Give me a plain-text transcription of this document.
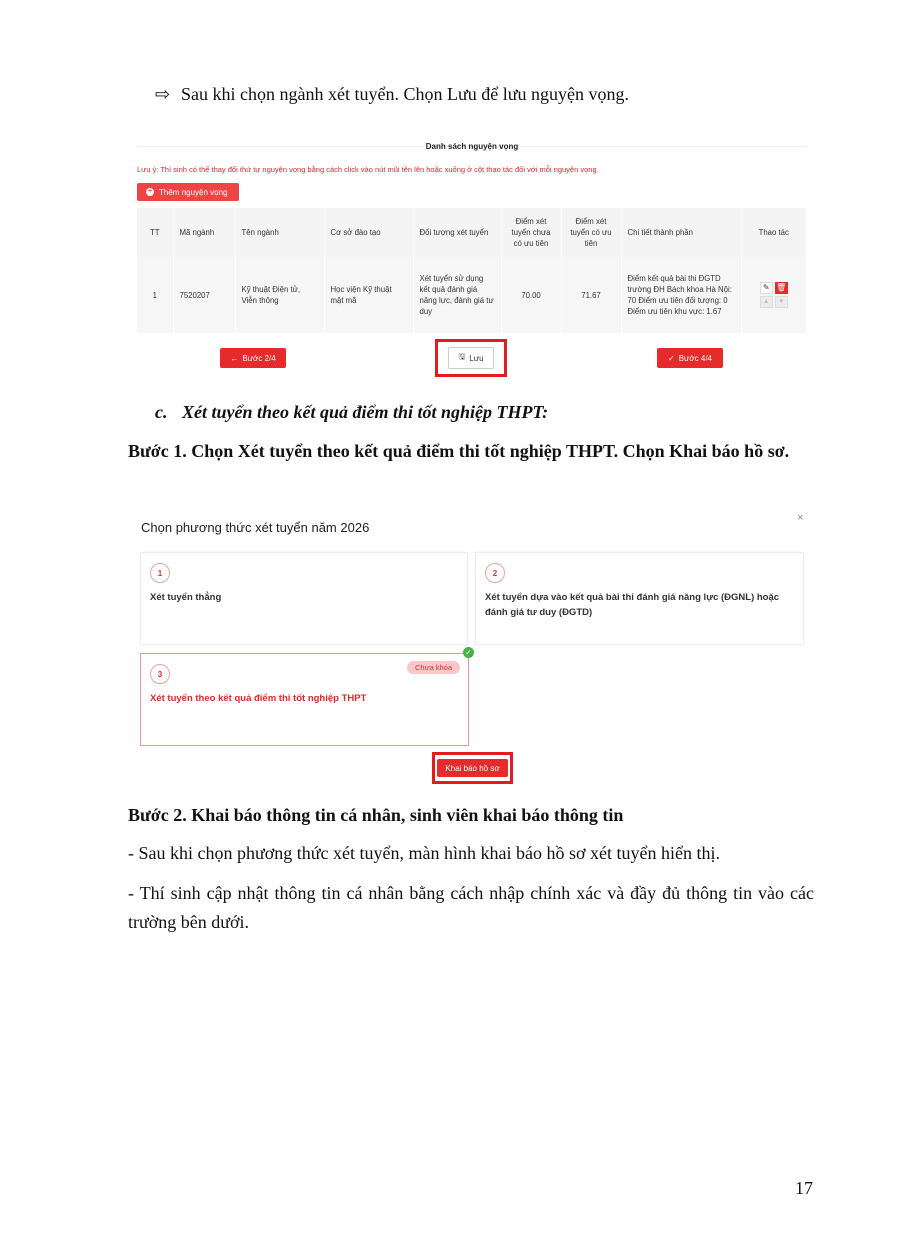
⇨ Sau khi chọn ngành xét tuyển. Chọn Lưu để lưu nguyện vọng.
Danh sách nguyện vọng
Lưu ý: Thí sinh có thể thay đổi thứ tự nguyện vọng bằng cách click vào nút mũi tên lên hoặc xuống ở cột thao tác đối với mỗi nguyện vọng
+ Thêm nguyện vọng
TT	Mã ngành	Tên ngành	Cơ sở đào tạo	Đối tượng xét tuyển	Điểm xét tuyển chưa có ưu tiên	Điểm xét tuyển có ưu tiên	Chi tiết thành phần	Thao tác
1	7520207	Kỹ thuật Điện tử, Viễn thông	Học viện Kỹ thuật mật mã	Xét tuyển sử dụng kết quả đánh giá năng lực, đánh giá tư duy	70.00	71.67	Điểm kết quả bài thi ĐGTD trường ĐH Bách khoa Hà Nội: 70 Điểm ưu tiên đối tượng: 0 Điểm ưu tiên khu vực: 1.67	✎ 🗑
▲ ▼
← Bước 2/4	🖫 Lưu	✓ Bước 4/4
c. Xét tuyển theo kết quả điểm thi tốt nghiệp THPT:
Bước 1. Chọn Xét tuyển theo kết quả điểm thi tốt nghiệp THPT. Chọn Khai báo hồ sơ.
Chọn phương thức xét tuyển năm 2026
×
1
Xét tuyển thẳng
2
Xét tuyển dựa vào kết quả bài thi đánh giá năng lực (ĐGNL) hoặc đánh giá tư duy (ĐGTD)
3
Xét tuyển theo kết quả điểm thi tốt nghiệp THPT
Chưa khóa
✓
Khai báo hồ sơ
Bước 2. Khai báo thông tin cá nhân, sinh viên khai báo thông tin
- Sau khi chọn phương thức xét tuyển, màn hình khai báo hồ sơ xét tuyển hiển thị.
- Thí sinh cập nhật thông tin cá nhân bằng cách nhập chính xác và đầy đủ thông tin vào các trường bên dưới.
17
